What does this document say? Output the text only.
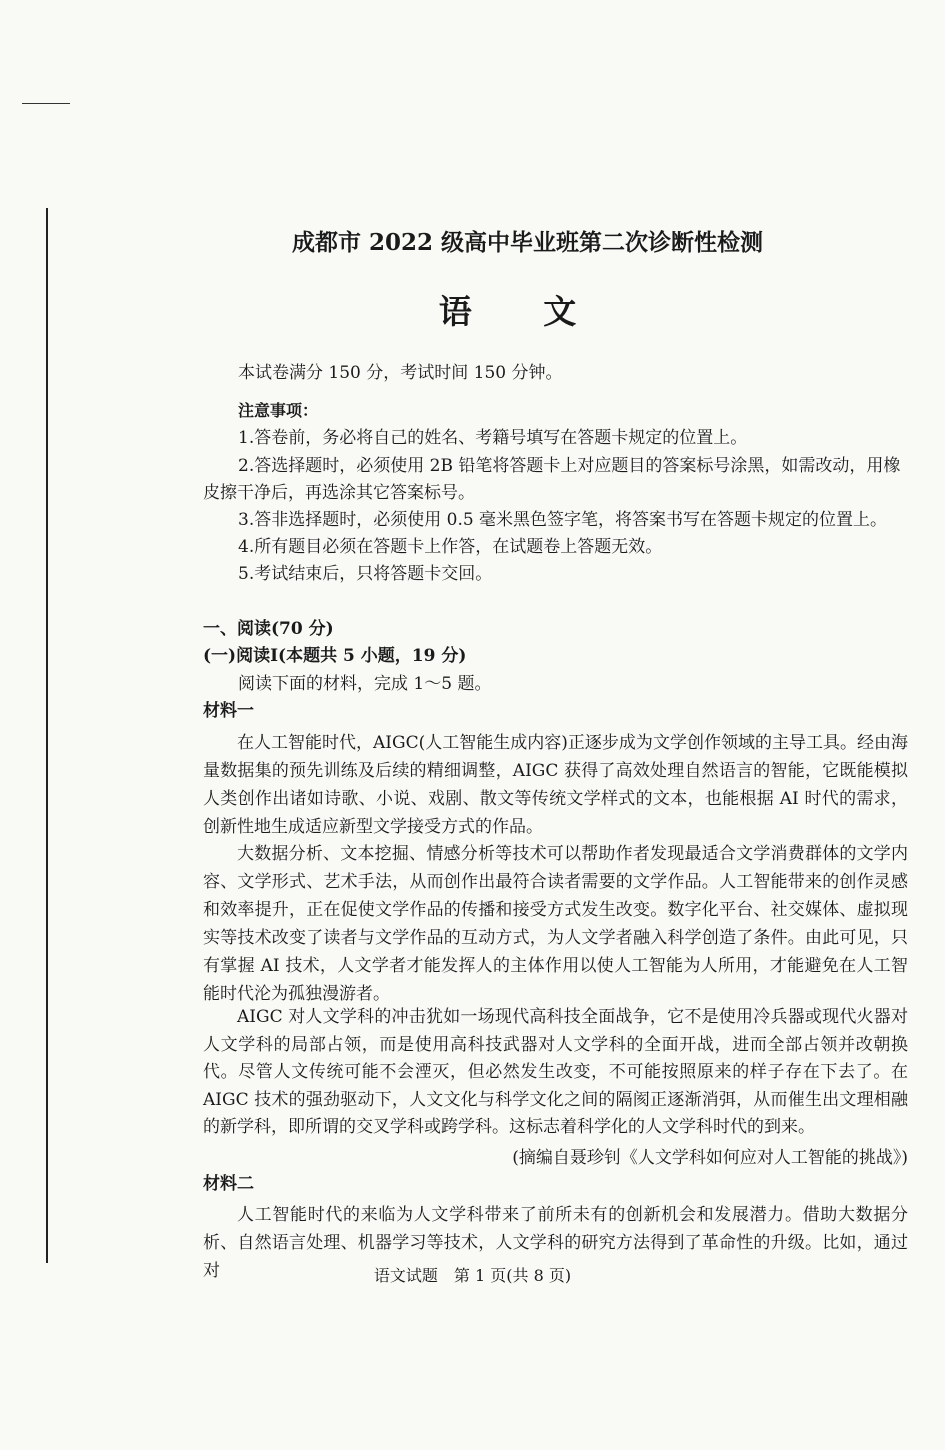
成都市 2022 级高中毕业班第二次诊断性检测
语 文
本试卷满分 150 分，考试时间 150 分钟。
注意事项：
1.答卷前，务必将自己的姓名、考籍号填写在答题卡规定的位置上。
2.答选择题时，必须使用 2B 铅笔将答题卡上对应题目的答案标号涂黑，如需改动，用橡
皮擦干净后，再选涂其它答案标号。
3.答非选择题时，必须使用 0.5 毫米黑色签字笔，将答案书写在答题卡规定的位置上。
4.所有题目必须在答题卡上作答，在试题卷上答题无效。
5.考试结束后，只将答题卡交回。
一、阅读(70 分)
(一)阅读Ⅰ(本题共 5 小题，19 分)
阅读下面的材料，完成 1～5 题。
材料一
在人工智能时代，AIGC(人工智能生成内容)正逐步成为文学创作领域的主导工具。经由海量数据集的预先训练及后续的精细调整，AIGC 获得了高效处理自然语言的智能，它既能模拟人类创作出诸如诗歌、小说、戏剧、散文等传统文学样式的文本，也能根据 AI 时代的需求，创新性地生成适应新型文学接受方式的作品。
大数据分析、文本挖掘、情感分析等技术可以帮助作者发现最适合文学消费群体的文学内容、文学形式、艺术手法，从而创作出最符合读者需要的文学作品。人工智能带来的创作灵感和效率提升，正在促使文学作品的传播和接受方式发生改变。数字化平台、社交媒体、虚拟现实等技术改变了读者与文学作品的互动方式，为人文学者融入科学创造了条件。由此可见，只有掌握 AI 技术，人文学者才能发挥人的主体作用以使人工智能为人所用，才能避免在人工智能时代沦为孤独漫游者。
AIGC 对人文学科的冲击犹如一场现代高科技全面战争，它不是使用冷兵器或现代火器对人文学科的局部占领，而是使用高科技武器对人文学科的全面开战，进而全部占领并改朝换代。尽管人文传统可能不会湮灭，但必然发生改变，不可能按照原来的样子存在下去了。在 AIGC 技术的强劲驱动下，人文文化与科学文化之间的隔阂正逐渐消弭，从而催生出文理相融的新学科，即所谓的交叉学科或跨学科。这标志着科学化的人文学科时代的到来。
(摘编自聂珍钊《人文学科如何应对人工智能的挑战》)
材料二
人工智能时代的来临为人文学科带来了前所未有的创新机会和发展潜力。借助大数据分析、自然语言处理、机器学习等技术，人文学科的研究方法得到了革命性的升级。比如，通过对	语文试题　第 1 页(共 8 页)
